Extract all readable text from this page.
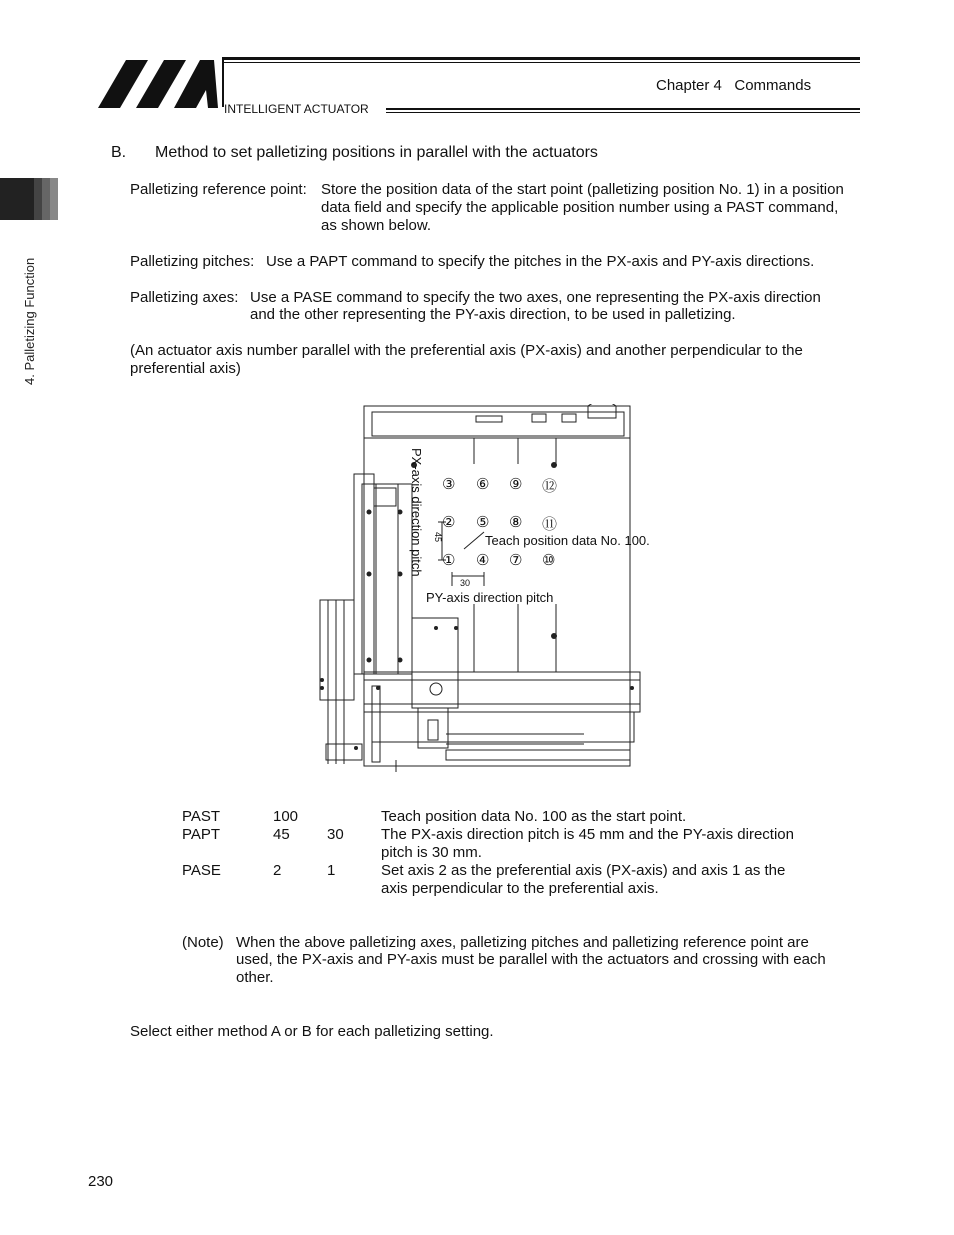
INTELLIGENT ACTUATOR
Chapter 4   Commands
4. Palletizing Function
B. Method to set palletizing positions in parallel with the actuators
Palletizing reference point: Store the position data of the start point (palletizing position No. 1) in a position
data field and specify the applicable position number using a PAST command,
as shown below.
Palletizing pitches: Use a PAPT command to specify the pitches in the PX-axis and PY-axis directions.
Palletizing axes: Use a PASE command to specify the two axes, one representing the PX-axis direction
and the other representing the PY-axis direction, to be used in palletizing.
(An actuator axis number parallel with the preferential axis (PX-axis) and another perpendicular to the
preferential axis)
PX-axis direction pitch	Teach position data No. 100.
PY-axis direction pitch
45
30
③ ⑥ ⑨ ⑫
② ⑤ ⑧ ⑪
① ④ ⑦ ⑩
PAST	100	Teach position data No. 100 as the start point.
PAPT	45 30 The PX-axis direction pitch is 45 mm and the PY-axis direction
pitch is 30 mm.
PASE	2	1	Set axis 2 as the preferential axis (PX-axis) and axis 1 as the
axis perpendicular to the preferential axis.
(Note) When the above palletizing axes, palletizing pitches and palletizing reference point are
used, the PX-axis and PY-axis must be parallel with the actuators and crossing with each
other.
Select either method A or B for each palletizing setting.
230
